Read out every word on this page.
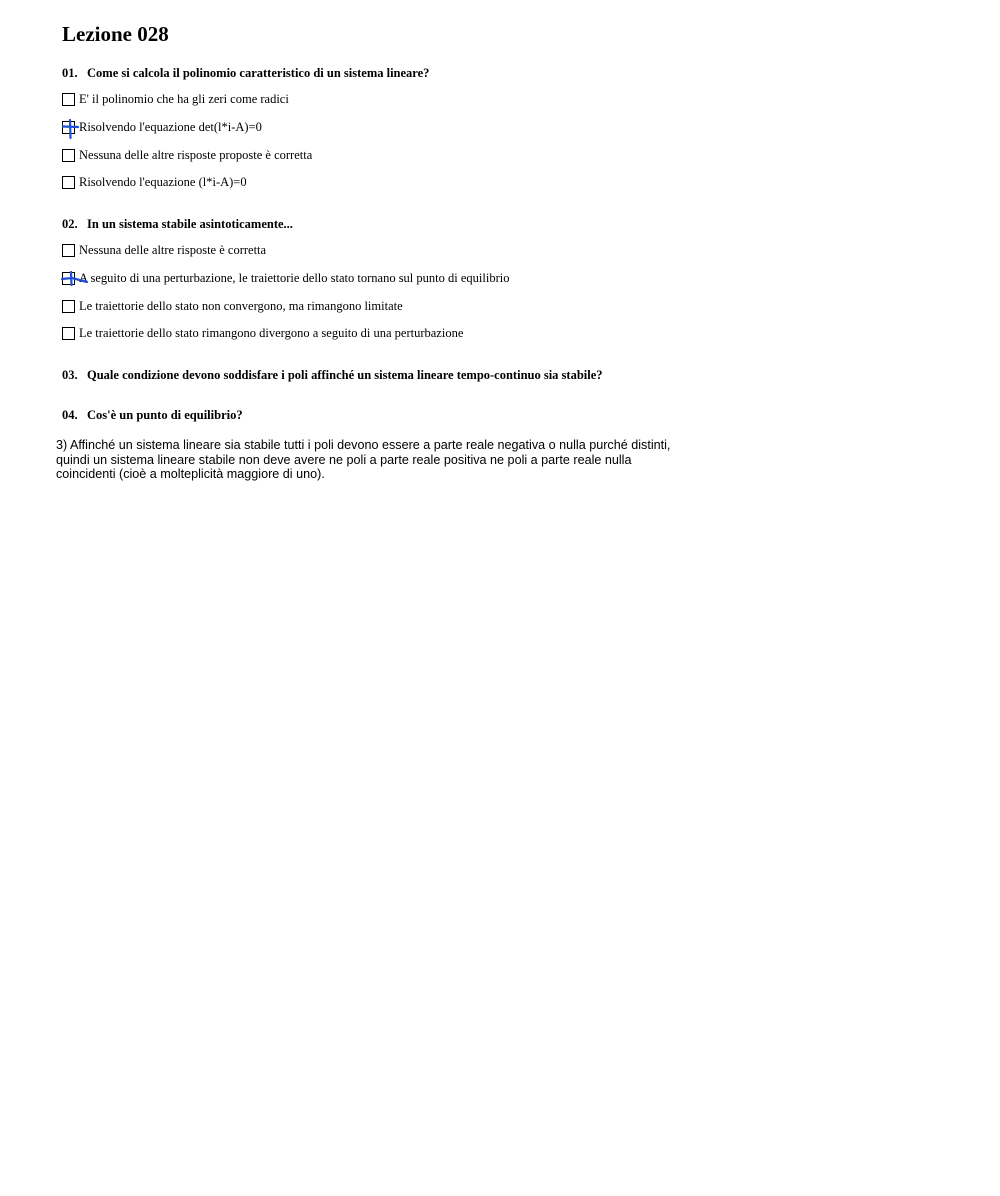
Lezione 028
01. Come si calcola il polinomio caratteristico di un sistema lineare?
E' il polinomio che ha gli zeri come radici
Risolvendo l'equazione det(l*i-A)=0
Nessuna delle altre risposte proposte è corretta
Risolvendo l'equazione (l*i-A)=0
02. In un sistema stabile asintoticamente...
Nessuna delle altre risposte è corretta
A seguito di una perturbazione, le traiettorie dello stato tornano sul punto di equilibrio
Le traiettorie dello stato non convergono, ma rimangono limitate
Le traiettorie dello stato rimangono divergono a seguito di una perturbazione
03. Quale condizione devono soddisfare i poli affinché un sistema lineare tempo-continuo sia stabile?
04. Cos'è un punto di equilibrio?

3) Affinché un sistema lineare sia stabile tutti i poli devono essere a parte reale negativa o nulla purché distinti, quindi un sistema lineare stabile non deve avere ne poli a parte reale positiva ne poli a parte reale nulla coincidenti (cioè a molteplicità maggiore di uno).
